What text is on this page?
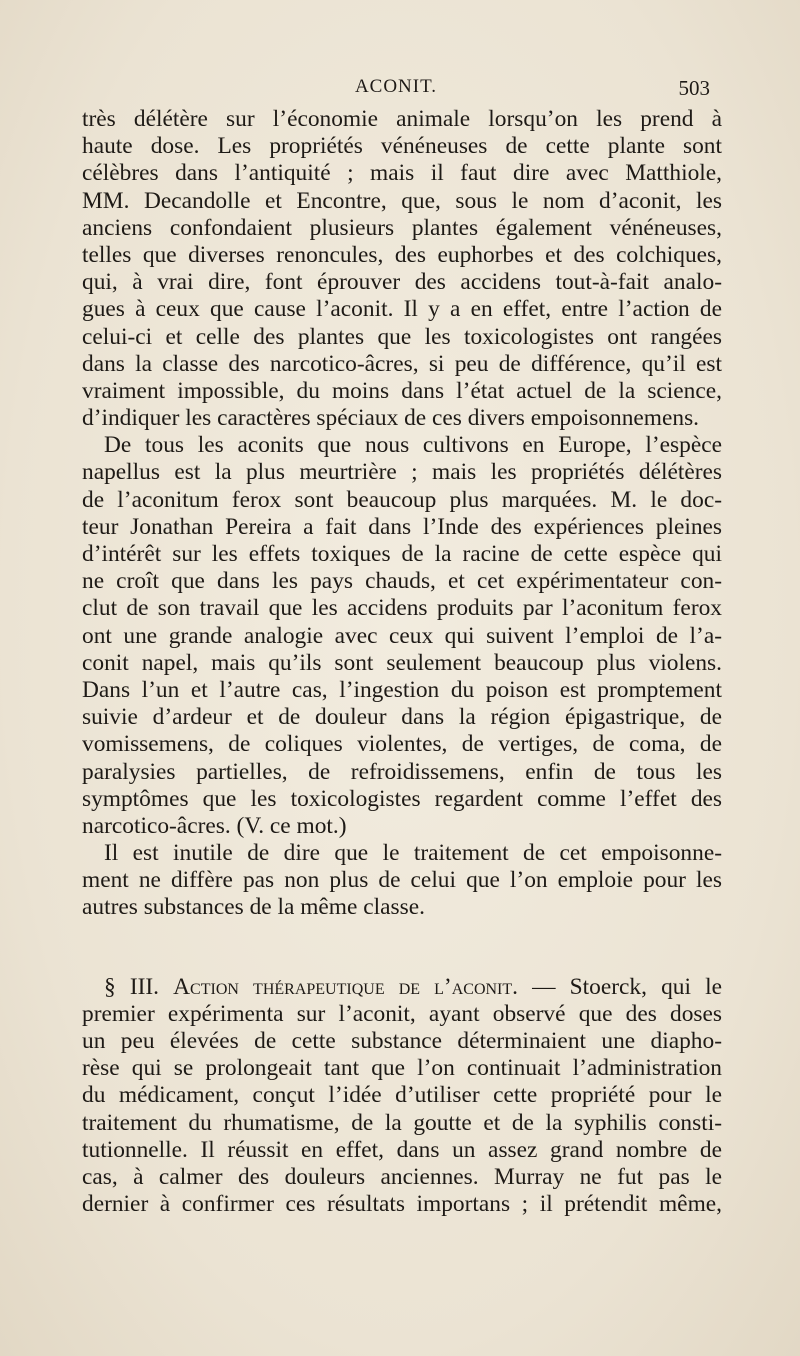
ACONIT.	503
très délétère sur l’économie animale lorsqu’on les prend à
haute dose. Les propriétés vénéneuses de cette plante sont
célèbres dans l’antiquité ; mais il faut dire avec Matthiole,
MM. Decandolle et Encontre, que, sous le nom d’aconit, les
anciens confondaient plusieurs plantes également vénéneuses,
telles que diverses renoncules, des euphorbes et des colchiques,
qui, à vrai dire, font éprouver des accidens tout-à-fait analo-
gues à ceux que cause l’aconit. Il y a en effet, entre l’action de
celui-ci et celle des plantes que les toxicologistes ont rangées
dans la classe des narcotico-âcres, si peu de différence, qu’il est
vraiment impossible, du moins dans l’état actuel de la science,
d’indiquer les caractères spéciaux de ces divers empoisonnemens.
De tous les aconits que nous cultivons en Europe, l’espèce
napellus est la plus meurtrière ; mais les propriétés délétères
de l’aconitum ferox sont beaucoup plus marquées. M. le doc-
teur Jonathan Pereira a fait dans l’Inde des expériences pleines
d’intérêt sur les effets toxiques de la racine de cette espèce qui
ne croît que dans les pays chauds, et cet expérimentateur con-
clut de son travail que les accidens produits par l’aconitum ferox
ont une grande analogie avec ceux qui suivent l’emploi de l’a-
conit napel, mais qu’ils sont seulement beaucoup plus violens.
Dans l’un et l’autre cas, l’ingestion du poison est promptement
suivie d’ardeur et de douleur dans la région épigastrique, de
vomissemens, de coliques violentes, de vertiges, de coma, de
paralysies partielles, de refroidissemens, enfin de tous les
symptômes que les toxicologistes regardent comme l’effet des
narcotico-âcres. (V. ce mot.)
Il est inutile de dire que le traitement de cet empoisonne-
ment ne diffère pas non plus de celui que l’on emploie pour les
autres substances de la même classe.
§ III. Action thérapeutique de l’aconit. — Stoerck, qui le
premier expérimenta sur l’aconit, ayant observé que des doses
un peu élevées de cette substance déterminaient une diapho-
rèse qui se prolongeait tant que l’on continuait l’administration
du médicament, conçut l’idée d’utiliser cette propriété pour le
traitement du rhumatisme, de la goutte et de la syphilis consti-
tutionnelle. Il réussit en effet, dans un assez grand nombre de
cas, à calmer des douleurs anciennes. Murray ne fut pas le
dernier à confirmer ces résultats importans ; il prétendit même,
